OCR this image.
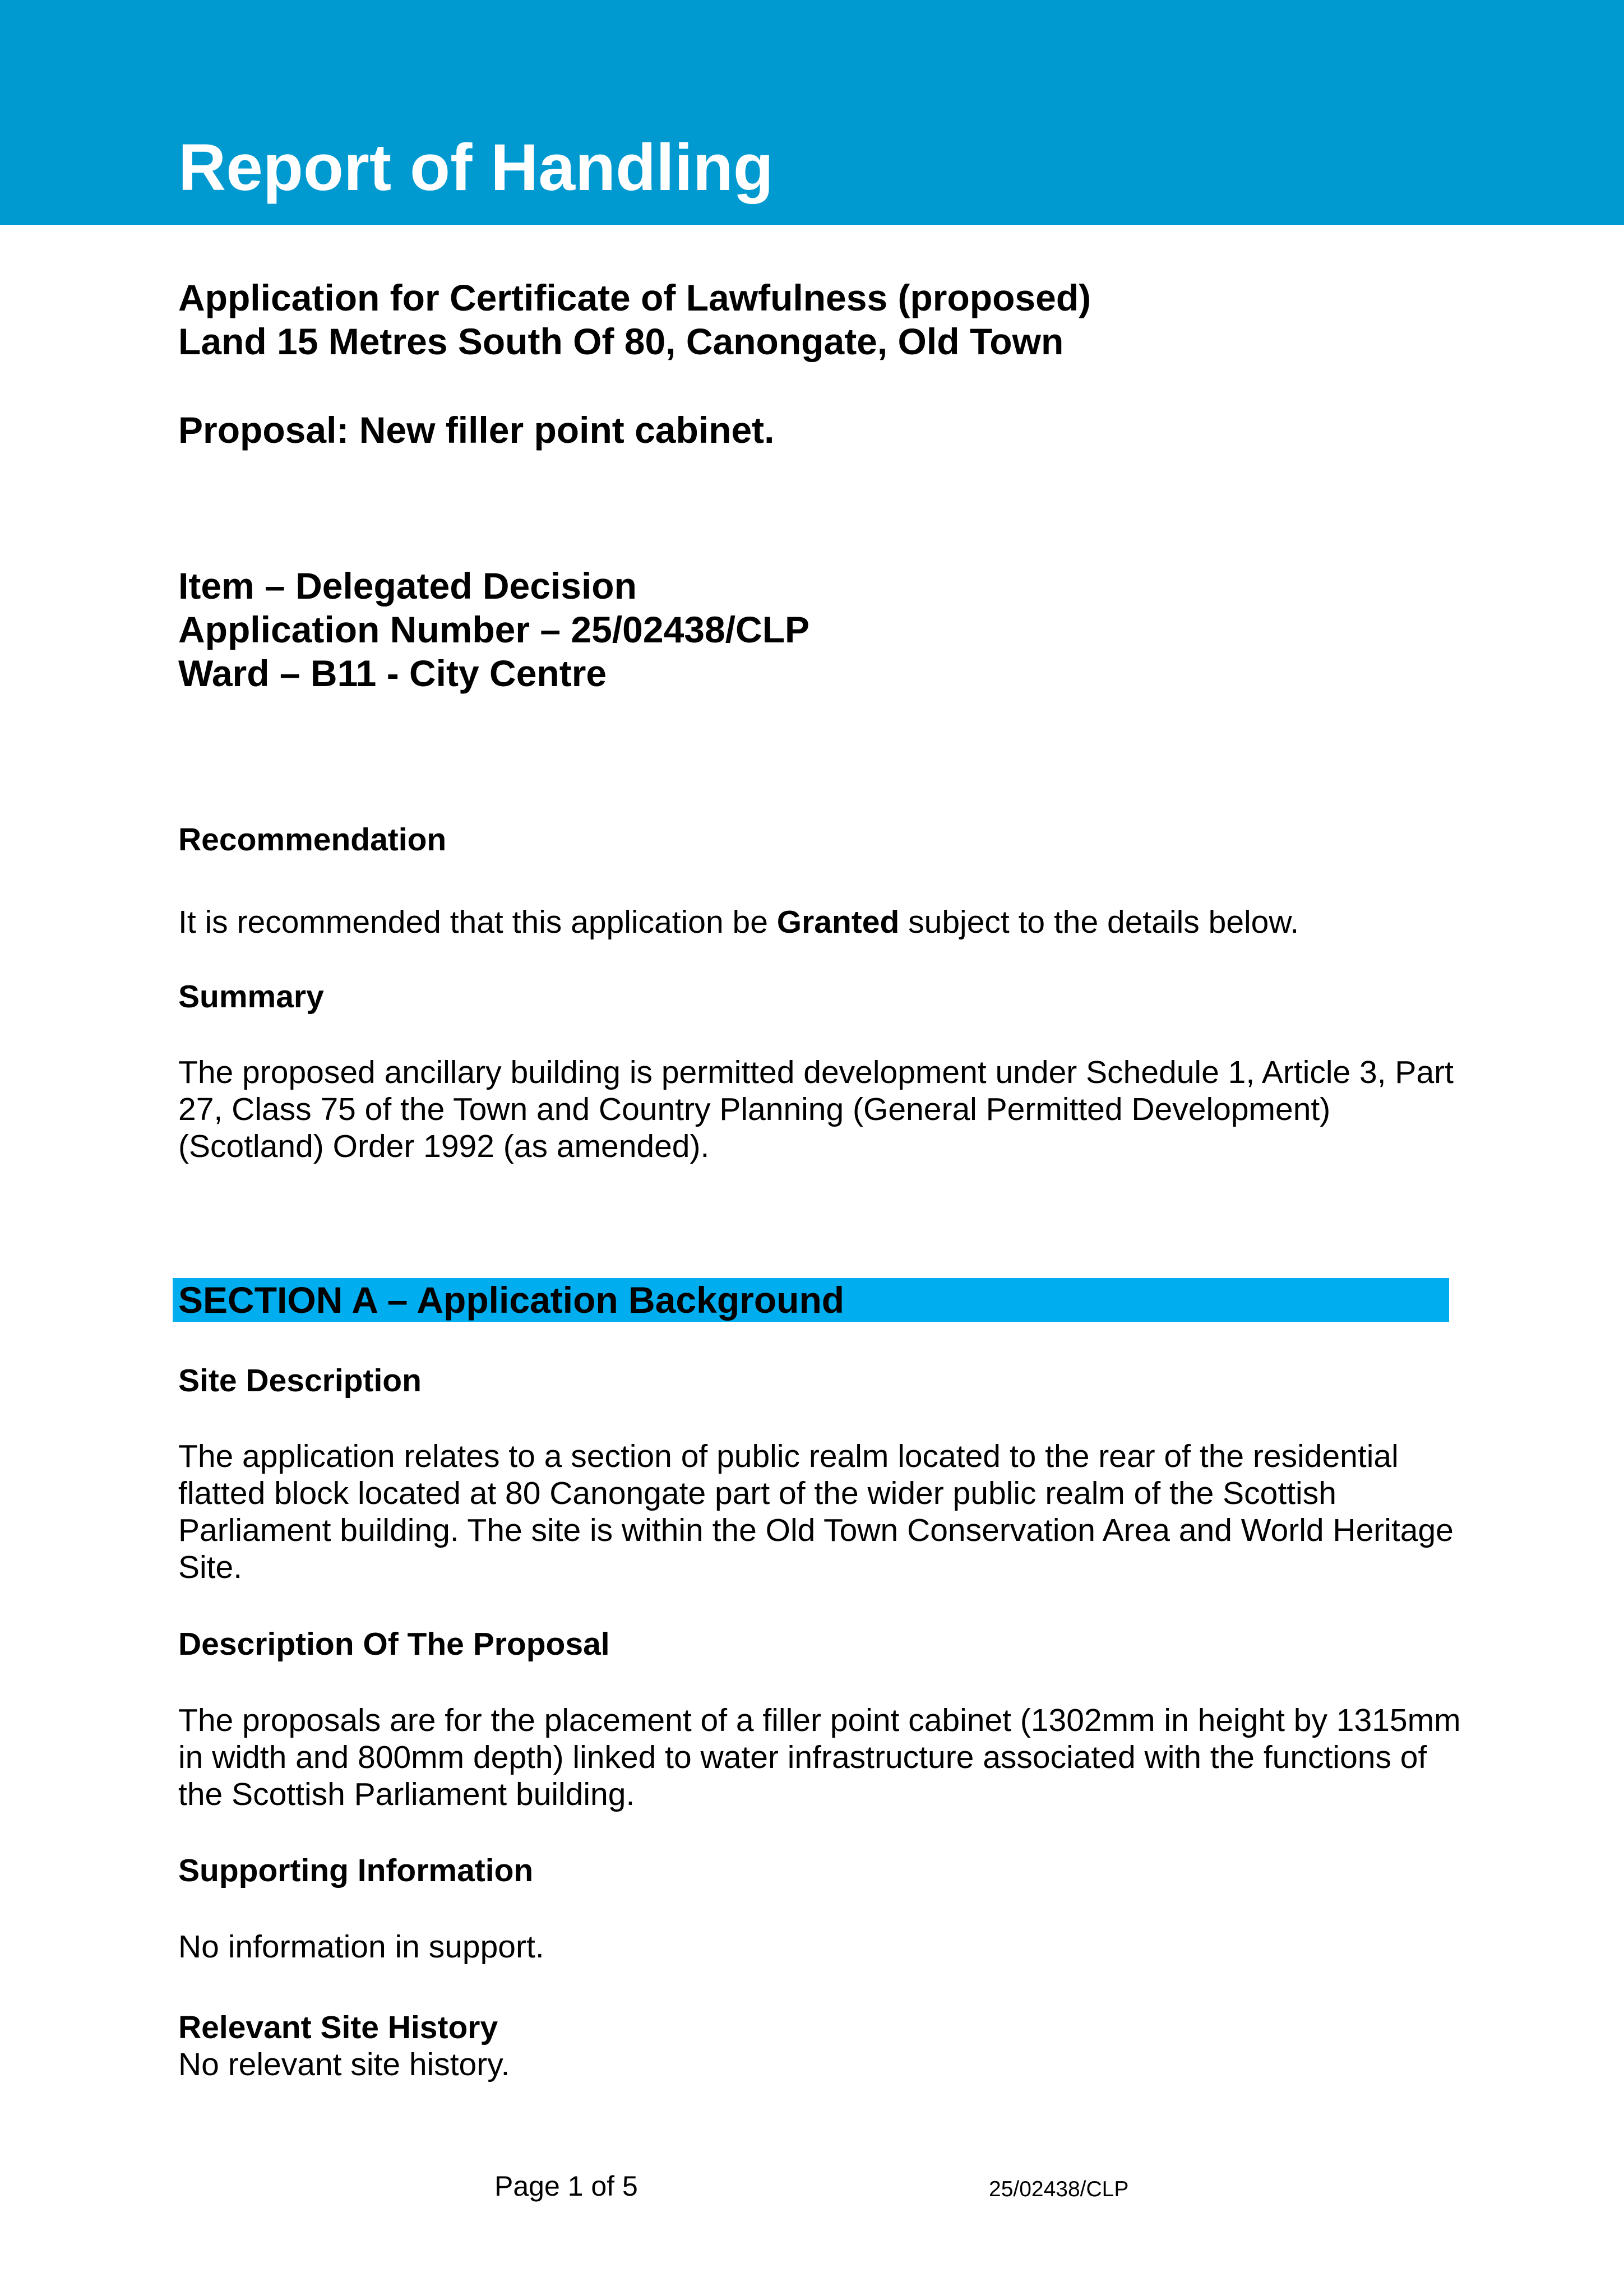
Report of Handling
Application for Certificate of Lawfulness (proposed)
Land 15 Metres South Of 80, Canongate, Old Town
Proposal: New filler point cabinet.
Item – Delegated Decision
Application Number – 25/02438/CLP
Ward – B11 - City Centre
Recommendation
It is recommended that this application be Granted subject to the details below.
Summary
The proposed ancillary building is permitted development under Schedule 1, Article 3, Part 27, Class 75 of the Town and Country Planning (General Permitted Development) (Scotland) Order 1992 (as amended).
SECTION A – Application Background
Site Description
The application relates to a section of public realm located to the rear of the residential flatted block located at 80 Canongate part of the wider public realm of the Scottish Parliament building. The site is within the Old Town Conservation Area and World Heritage Site.
Description Of The Proposal
The proposals are for the placement of a filler point cabinet (1302mm in height by 1315mm in width and 800mm depth) linked to water infrastructure associated with the functions of the Scottish Parliament building.
Supporting Information
No information in support.
Relevant Site History
No relevant site history.
Page 1 of 5	25/02438/CLP
